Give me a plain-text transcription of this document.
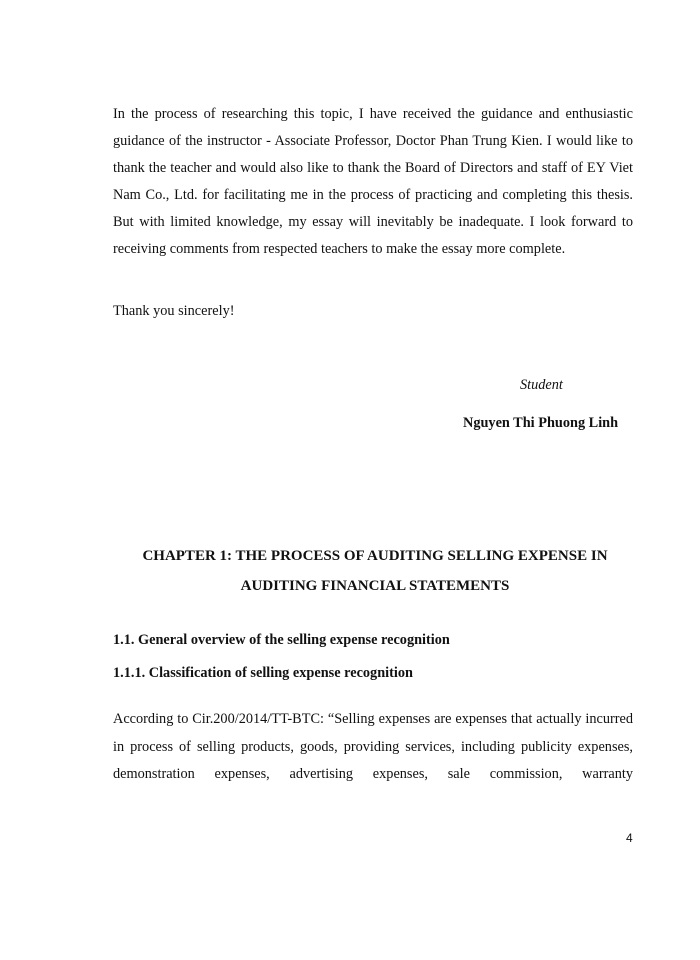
In the process of researching this topic, I have received the guidance and enthusiastic guidance of the instructor - Associate Professor, Doctor Phan Trung Kien. I would like to thank the teacher and would also like to thank the Board of Directors and staff of EY Viet Nam Co., Ltd. for facilitating me in the process of practicing and completing this thesis. But with limited knowledge, my essay will inevitably be inadequate. I look forward to receiving comments from respected teachers to make the essay more complete.

Thank you sincerely!

Student
Nguyen Thi Phuong Linh
CHAPTER 1: THE PROCESS OF AUDITING SELLING EXPENSE IN
AUDITING FINANCIAL STATEMENTS
1.1. General overview of the selling expense recognition
1.1.1. Classification of selling expense recognition

According to Cir.200/2014/TT-BTC: “Selling expenses are expenses that actually incurred in process of selling products, goods, providing services, including publicity expenses, demonstration expenses, advertising expenses, sale commission, warranty

4
